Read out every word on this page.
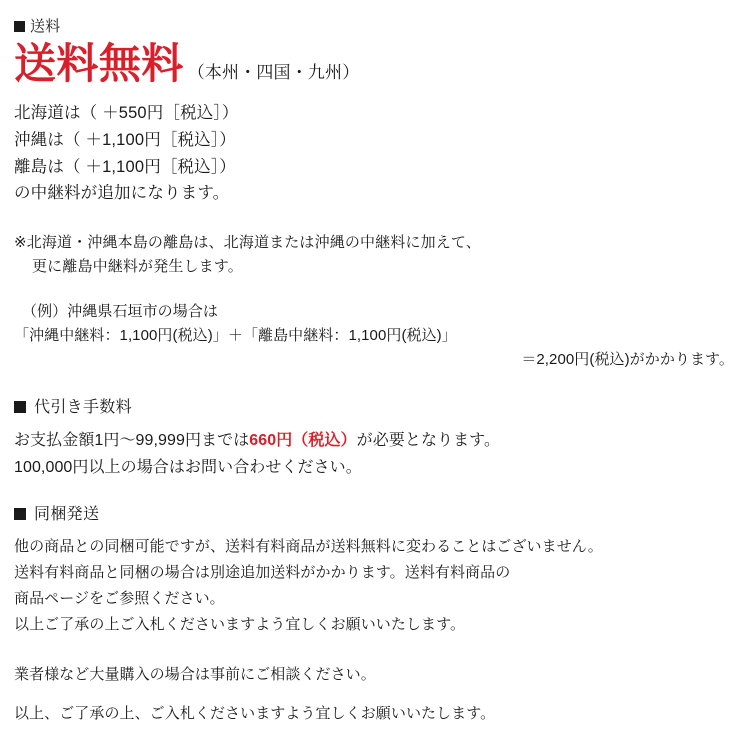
送料
送料無料 （本州・四国・九州）
北海道は（ ＋550円［税込］）
沖縄は（ ＋1,100円［税込］）
離島は（ ＋1,100円［税込］）
の中継料が追加になります。
※北海道・沖縄本島の離島は、北海道または沖縄の中継料に加えて、
更に離島中継料が発生します。
（例）沖縄県石垣市の場合は
「沖縄中継料：1,100円(税込)」＋「離島中継料：1,100円(税込)」
＝2,200円(税込)がかかります。
代引き手数料
お支払金額1円〜99,999円までは660円（税込）が必要となります。
100,000円以上の場合はお問い合わせください。
同梱発送
他の商品との同梱可能ですが、送料有料商品が送料無料に変わることはございません。
送料有料商品と同梱の場合は別途追加送料がかかります。送料有料商品の
商品ページをご参照ください。
以上ご了承の上ご入札くださいますよう宜しくお願いいたします。
業者様など大量購入の場合は事前にご相談ください。
以上、ご了承の上、ご入札くださいますよう宜しくお願いいたします。
